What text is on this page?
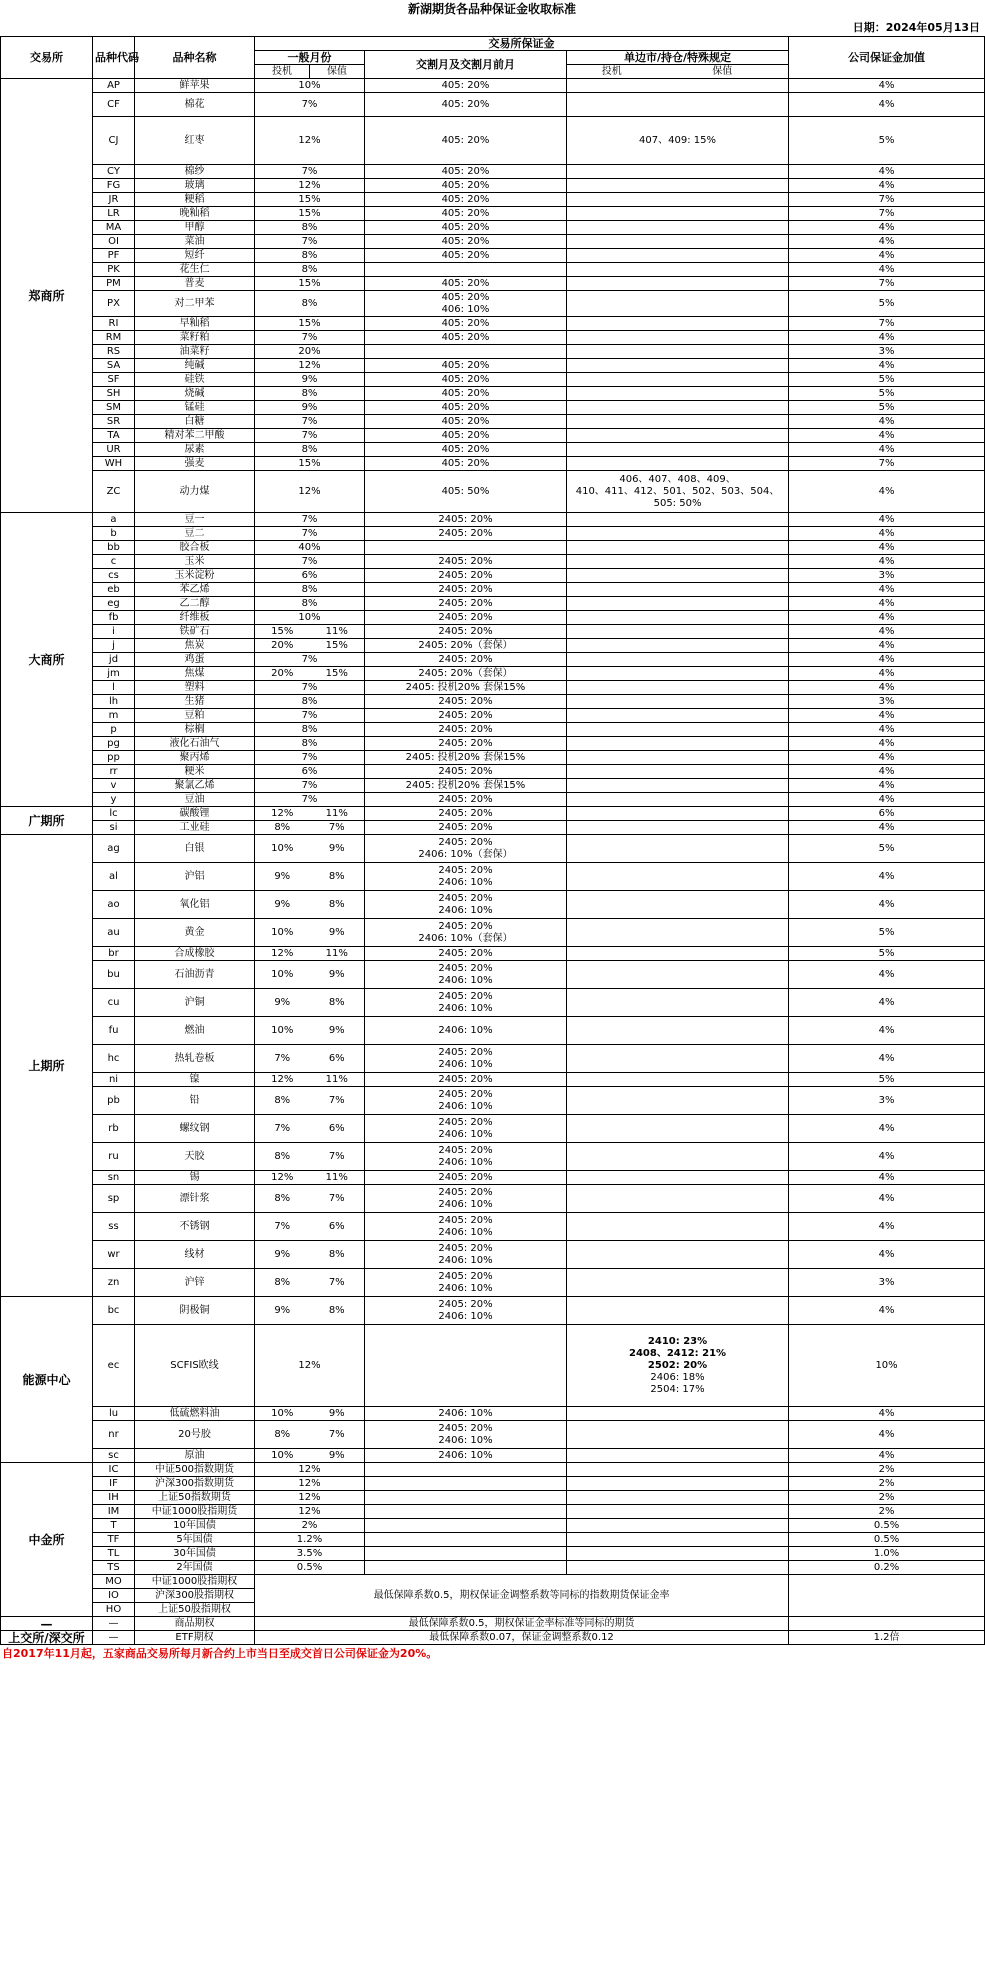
新湖期货各品种保证金收取标准
日期：2024年05月13日
交易所	品种代码	品种名称	交易所保证金					公司保证金加值
			一般月份		交割月及交割月前月	单边市/持仓/特殊规定		
			投机	保值		投机	保值	
郑商所	AP	鲜苹果	10%		405: 20%			4%
	CF	棉花	7%		405: 20%			4%
	CJ	红枣	12%		405: 20%	407、409: 15%		5%
	CY	棉纱	7%		405: 20%			4%
	FG	玻璃	12%		405: 20%			4%
	JR	粳稻	15%		405: 20%			7%
	LR	晚籼稻	15%		405: 20%			7%
	MA	甲醇	8%		405: 20%			4%
	OI	菜油	7%		405: 20%			4%
	PF	短纤	8%		405: 20%			4%
	PK	花生仁	8%					4%
	PM	普麦	15%		405: 20%			7%
	PX	对二甲苯	8%		405: 20%
406: 10%			5%
	RI	早籼稻	15%		405: 20%			7%
	RM	菜籽粕	7%		405: 20%			4%
	RS	油菜籽	20%					3%
	SA	纯碱	12%		405: 20%			4%
	SF	硅铁	9%		405: 20%			5%
	SH	烧碱	8%		405: 20%			5%
	SM	锰硅	9%		405: 20%			5%
	SR	白糖	7%		405: 20%			4%
	TA	精对苯二甲酸	7%		405: 20%			4%
	UR	尿素	8%		405: 20%			4%
	WH	强麦	15%		405: 20%			7%
	ZC	动力煤	12%		405: 50%	406、407、408、409、
410、411、412、501、502、503、504、
505: 50%		4%
大商所	a	豆一	7%		2405: 20%			4%
	b	豆二	7%		2405: 20%			4%
	bb	胶合板	40%					4%
	c	玉米	7%		2405: 20%			4%
	cs	玉米淀粉	6%		2405: 20%			3%
	eb	苯乙烯	8%		2405: 20%			4%
	eg	乙二醇	8%		2405: 20%			4%
	fb	纤维板	10%		2405: 20%			4%
	i	铁矿石	15%	11%	2405: 20%			4%
	j	焦炭	20%	15%	2405: 20%（套保）			4%
	jd	鸡蛋	7%		2405: 20%			4%
	jm	焦煤	20%	15%	2405: 20%（套保）			4%
	l	塑料	7%		2405: 投机20% 套保15%			4%
	lh	生猪	8%		2405: 20%			3%
	m	豆粕	7%		2405: 20%			4%
	p	棕榈	8%		2405: 20%			4%
	pg	液化石油气	8%		2405: 20%			4%
	pp	聚丙烯	7%		2405: 投机20% 套保15%			4%
	rr	粳米	6%		2405: 20%			4%
	v	聚氯乙烯	7%		2405: 投机20% 套保15%			4%
	y	豆油	7%		2405: 20%			4%
广期所	lc	碳酸锂	12%	11%	2405: 20%			6%
	si	工业硅	8%	7%	2405: 20%			4%
上期所	ag	白银	10%	9%	2405: 20%
2406: 10%（套保）			5%
	al	沪铝	9%	8%	2405: 20%
2406: 10%			4%
	ao	氧化铝	9%	8%	2405: 20%
2406: 10%			4%
	au	黄金	10%	9%	2405: 20%
2406: 10%（套保）			5%
	br	合成橡胶	12%	11%	2405: 20%			5%
	bu	石油沥青	10%	9%	2405: 20%
2406: 10%			4%
	cu	沪铜	9%	8%	2405: 20%
2406: 10%			4%
	fu	燃油	10%	9%	2406: 10%			4%
	hc	热轧卷板	7%	6%	2405: 20%
2406: 10%			4%
	ni	镍	12%	11%	2405: 20%			5%
	pb	铅	8%	7%	2405: 20%
2406: 10%			3%
	rb	螺纹钢	7%	6%	2405: 20%
2406: 10%			4%
	ru	天胶	8%	7%	2405: 20%
2406: 10%			4%
	sn	锡	12%	11%	2405: 20%			4%
	sp	漂针浆	8%	7%	2405: 20%
2406: 10%			4%
	ss	不锈钢	7%	6%	2405: 20%
2406: 10%			4%
	wr	线材	9%	8%	2405: 20%
2406: 10%			4%
	zn	沪锌	8%	7%	2405: 20%
2406: 10%			3%
能源中心	bc	阴极铜	9%	8%	2405: 20%
2406: 10%			4%
	ec	SCFIS欧线	12%			2410: 23%
2408、2412: 21%
2502: 20%
2406: 18%
2504: 17%		10%
	lu	低硫燃料油	10%	9%	2406: 10%			4%
	nr	20号胶	8%	7%	2405: 20%
2406: 10%			4%
	sc	原油	10%	9%	2406: 10%			4%
中金所	IC	中证500指数期货	12%					2%
	IF	沪深300指数期货	12%					2%
	IH	上证50指数期货	12%					2%
	IM	中证1000股指期货	12%					2%
	T	10年国债	2%					0.5%
	TF	5年国债	1.2%					0.5%
	TL	30年国债	3.5%					1.0%
	TS	2年国债	0.5%					0.2%
	MO	中证1000股指期权	最低保障系数0.5，期权保证金调整系数等同标的指数期货保证金率					
	IO	沪深300股指期权						
	HO	上证50股指期权						
—	—	商品期权	最低保障系数0.5，期权保证金率标准等同标的期货					
上交所/深交所	—	ETF期权	最低保障系数0.07，保证金调整系数0.12					1.2倍
自2017年11月起，五家商品交易所每月新合约上市当日至成交首日公司保证金为20%。
